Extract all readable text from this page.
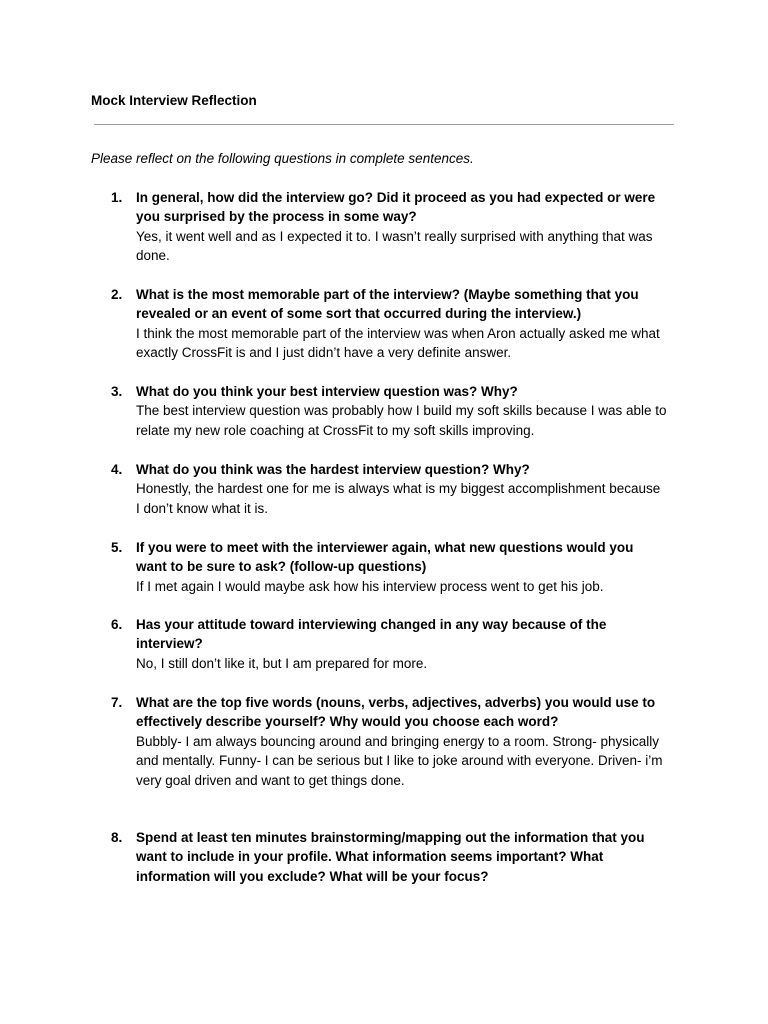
Mock Interview Reflection

Please reflect on the following questions in complete sentences.

1. In general, how did the interview go? Did it proceed as you had expected or were
you surprised by the process in some way?
Yes, it went well and as I expected it to. I wasn’t really surprised with anything that was
done.
2. What is the most memorable part of the interview? (Maybe something that you
revealed or an event of some sort that occurred during the interview.)
I think the most memorable part of the interview was when Aron actually asked me what
exactly CrossFit is and I just didn’t have a very definite answer.
3. What do you think your best interview question was? Why?
The best interview question was probably how I build my soft skills because I was able to
relate my new role coaching at CrossFit to my soft skills improving.
4. What do you think was the hardest interview question? Why?
Honestly, the hardest one for me is always what is my biggest accomplishment because
I don’t know what it is.
5. If you were to meet with the interviewer again, what new questions would you
want to be sure to ask? (follow-up questions)
If I met again I would maybe ask how his interview process went to get his job.
6. Has your attitude toward interviewing changed in any way because of the
interview?
No, I still don’t like it, but I am prepared for more.
7. What are the top five words (nouns, verbs, adjectives, adverbs) you would use to
effectively describe yourself? Why would you choose each word?
Bubbly- I am always bouncing around and bringing energy to a room. Strong- physically
and mentally. Funny- I can be serious but I like to joke around with everyone. Driven- i’m
very goal driven and want to get things done.
8. Spend at least ten minutes brainstorming/mapping out the information that you
want to include in your profile. What information seems important? What
information will you exclude? What will be your focus?
